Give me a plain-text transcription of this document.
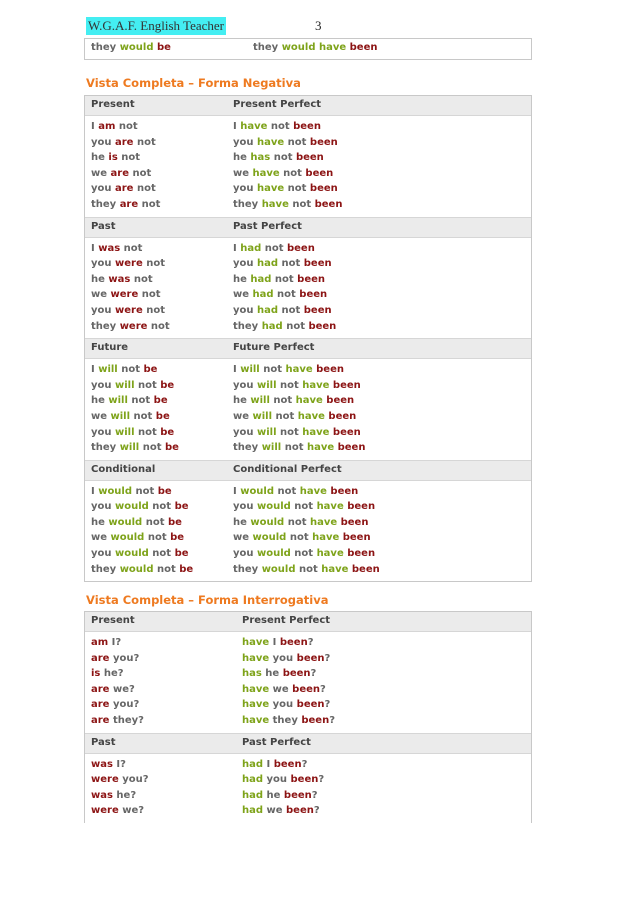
W.G.A.F. English Teacher	3
they would be	they would have been
Vista Completa – Forma Negativa
Present	Present Perfect
I am not	I have not been
you are not	you have not been
he is not	he has not been
we are not	we have not been
you are not	you have not been
they are not	they have not been
Past	Past Perfect
I was not	I had not been
you were not	you had not been
he was not	he had not been
we were not	we had not been
you were not	you had not been
they were not	they had not been
Future	Future Perfect
I will not be	I will not have been
you will not be	you will not have been
he will not be	he will not have been
we will not be	we will not have been
you will not be	you will not have been
they will not be	they will not have been
Conditional	Conditional Perfect
I would not be	I would not have been
you would not be	you would not have been
he would not be	he would not have been
we would not be	we would not have been
you would not be	you would not have been
they would not be	they would not have been
Vista Completa – Forma Interrogativa
Present	Present Perfect
am I?	have I been?
are you?	have you been?
is he?	has he been?
are we?	have we been?
are you?	have you been?
are they?	have they been?
Past	Past Perfect
was I?	had I been?
were you?	had you been?
was he?	had he been?
were we?	had we been?
